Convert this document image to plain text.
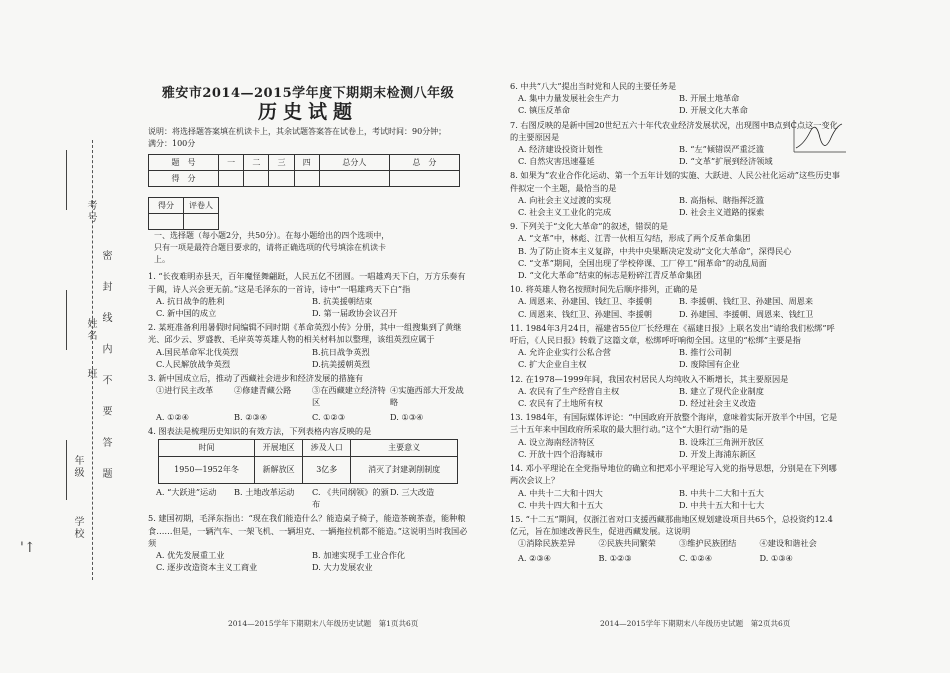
考号
姓名
班
年级
学校
密 封 线 内 不 要 答 题
'↑
雅安市2014—2015学年度下期期末检测八年级
历史试题
说明：将选择题答案填在机读卡上，其余试题答案答在试卷上，考试时间：90分钟；
满分：100分
题　号	一	二	三	四	总分人	总　分
得　分						
得分	评卷人
	一、选择题（每小题2分，共50分）。在每小题给出的四个选项中，只有一项是最符合题目要求的，请将正确选项的代号填涂在机读卡上。
1. “长夜难明赤县天，百年魔怪舞翩跹，人民五亿不团圆。一唱雄鸡天下白，万方乐奏有于阗，诗人兴会更无前。”这是毛泽东的一首诗，诗中“一唱雄鸡天下白”指
A. 抗日战争的胜利	B. 抗美援朝结束
C. 新中国的成立	D. 第一届政协会议召开
2. 某班准备利用暑假时间编辑不同时期《革命英烈小传》分册，其中一组搜集到了黄继光、邱少云、罗盛教、毛岸英等英雄人物的相关材料加以整理，该组英烈应属于
A.国民革命军北伐英烈	B.抗日战争英烈
C.人民解放战争英烈	D.抗美援朝英烈
3. 新中国成立后，推动了西藏社会进步和经济发展的措施有
①进行民主改革	②修建青藏公路	③在西藏建立经济特区
④实施西部大开发战略
A. ①②④	B. ②③④	C. ①②③	D. ①③④
4. 图表法是梳理历史知识的有效方法，下列表格内容反映的是
时间	开展地区	涉及人口	主要意义
1950—1952年冬	新解放区	3亿多	消灭了封建剥削制度
A. “大跃进”运动	B. 土地改革运动	C. 《共同纲领》的颁布
D. 三大改造
5. 建国初期，毛泽东指出：“现在我们能造什么？能造桌子椅子，能造茶碗茶壶，能种粮食……但是，一辆汽车、一架飞机、一辆坦克、一辆拖拉机都不能造。”这说明当时我国必须
A. 优先发展重工业	B. 加速实现手工业合作化
C. 逐步改造资本主义工商业	D. 大力发展农业
2014—2015学年下期期末八年级历史试题　第1页共6页
6. 中共“八大”提出当时党和人民的主要任务是
A. 集中力量发展社会生产力	B. 开展土地革命
C. 镇压反革命	D. 开展文化大革命
7. 右图反映的是新中国20世纪五六十年代农业经济发展状况，出现图中B点到C点这一变化的主要原因是
A. 经济建设投资计划性	B. “左”倾错误严重泛滥
C. 自然灾害迅速蔓延	D. “文革”扩展到经济领域
8. 如果为“农业合作化运动、第一个五年计划的实施、大跃进、人民公社化运动”这些历史事件拟定一个主题，最恰当的是
A. 向社会主义过渡的实现	B. 高指标、瞎指挥泛滥
C. 社会主义工业化的完成	D. 社会主义道路的探索
9. 下列关于“文化大革命”的叙述，错误的是
A. “文革”中，林彪、江青一伙相互勾结，形成了两个反革命集团
B. 为了防止资本主义复辟，中共中央果断决定发动“文化大革命”，深得民心
C. “文革”期间，全国出现了学校停课、工厂停工“闹革命”的动乱局面
D. “文化大革命”结束的标志是粉碎江青反革命集团
10. 将英雄人物名按照时间先后顺序排列，正确的是
A. 周恩来、孙建国、钱红卫、李援朝	B. 李援朝、钱红卫、孙建国、周恩来
C. 周恩来、钱红卫、孙建国、李援朝	D. 孙建国、李援朝、周恩来、钱红卫
11. 1984年3月24日，福建省55位厂长经理在《福建日报》上联名发出“请给我们松绑”呼吁后，《人民日报》转载了这篇文章，松绑呼吁响彻全国。这里的“松绑”主要是指
A. 允许企业实行公私合营	B. 推行公司制
C. 扩大企业自主权	D. 废除国有企业
12. 在1978—1999年间，我国农村居民人均纯收入不断增长，其主要原因是
A. 农民有了生产经营自主权	B. 建立了现代企业制度
C. 农民有了土地所有权	D. 经过社会主义改造
13. 1984年，有国际媒体评论：“中国政府开放整个海岸，意味着实际开放半个中国，它是三十五年来中国政府所采取的最大胆行动。”这个“大胆行动”指的是
A. 设立海南经济特区	B. 设珠江三角洲开放区
C. 开放十四个沿海城市	D. 开发上海浦东新区
14. 邓小平理论在全党指导地位的确立和把邓小平理论写入党的指导思想，分别是在下列哪两次会议上？
A. 中共十二大和十四大	B. 中共十二大和十五大
C. 中共十四大和十五大	D. 中共十五大和十七大
15. “十二五”期间，仅浙江省对口支援西藏那曲地区规划建设项目共65个，总投资约12.4亿元，旨在加速改善民生，促进西藏发展。这说明
①消除民族差异	②民族共同繁荣	③维护民族团结	④建设和谐社会
A. ②③④	B. ①②③	C. ①②④	D. ①③④
2014—2015学年下期期末八年级历史试题　第2页共6页
